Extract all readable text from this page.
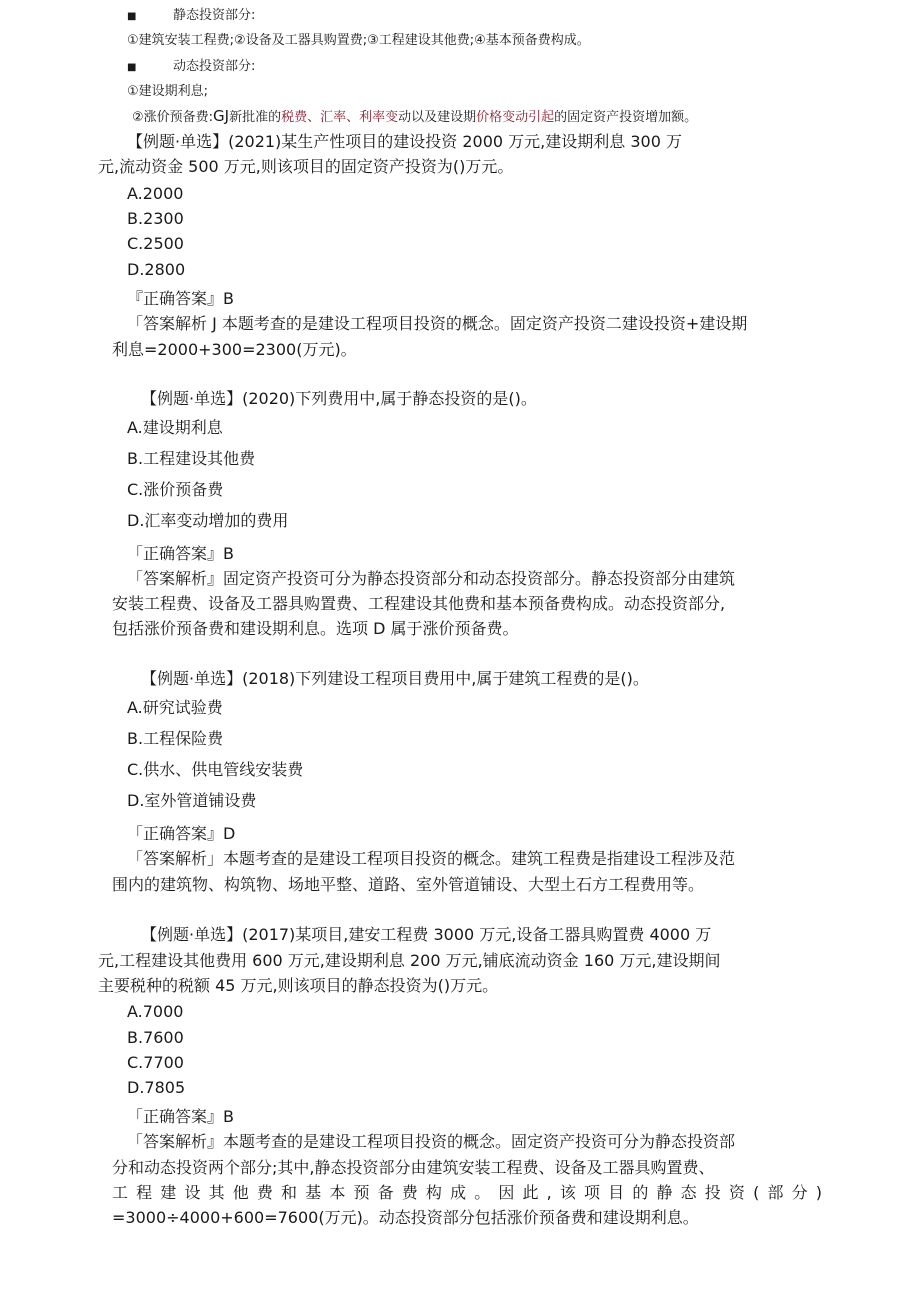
■	静态投资部分:
①建筑安装工程费;②设备及工器具购置费;③工程建设其他费;④基本预备费构成。
■	动态投资部分:
①建设期利息;
②涨价预备费:GJ新批准的税费、汇率、利率变动以及建设期价格变动引起的固定资产投资增加额。
【例题·单选】(2021)某生产性项目的建设投资 2000 万元,建设期利息 300 万
元,流动资金 500 万元,则该项目的固定资产投资为()万元。
A.2000
B.2300
C.2500
D.2800
『正确答案』B
「答案解析 J 本题考查的是建设工程项目投资的概念。固定资产投资二建设投资+建设期
利息=2000+300=2300(万元)。
【例题·单选】(2020)下列费用中,属于静态投资的是()。
A.建设期利息
B.工程建设其他费
C.涨价预备费
D.汇率变动增加的费用
「正确答案』B
「答案解析』固定资产投资可分为静态投资部分和动态投资部分。静态投资部分由建筑
安装工程费、设备及工器具购置费、工程建设其他费和基本预备费构成。动态投资部分,
包括涨价预备费和建设期利息。选项 D 属于涨价预备费。
【例题·单选】(2018)下列建设工程项目费用中,属于建筑工程费的是()。
A.研究试验费
B.工程保险费
C.供水、供电管线安装费
D.室外管道铺设费
「正确答案』D
「答案解析」本题考查的是建设工程项目投资的概念。建筑工程费是指建设工程涉及范
围内的建筑物、构筑物、场地平整、道路、室外管道铺设、大型土石方工程费用等。
【例题·单选】(2017)某项目,建安工程费 3000 万元,设备工器具购置费 4000 万
元,工程建设其他费用 600 万元,建设期利息 200 万元,铺底流动资金 160 万元,建设期间
主要税种的税额 45 万元,则该项目的静态投资为()万元。
A.7000
B.7600
C.7700
D.7805
「正确答案』B
「答案解析』本题考查的是建设工程项目投资的概念。固定资产投资可分为静态投资部
分和动态投资两个部分;其中,静态投资部分由建筑安装工程费、设备及工器具购置费、
工程建设其他费和基本预备费构成。因此,该项目的静态投资(部分)
=3000÷4000+600=7600(万元)。动态投资部分包括涨价预备费和建设期利息。
